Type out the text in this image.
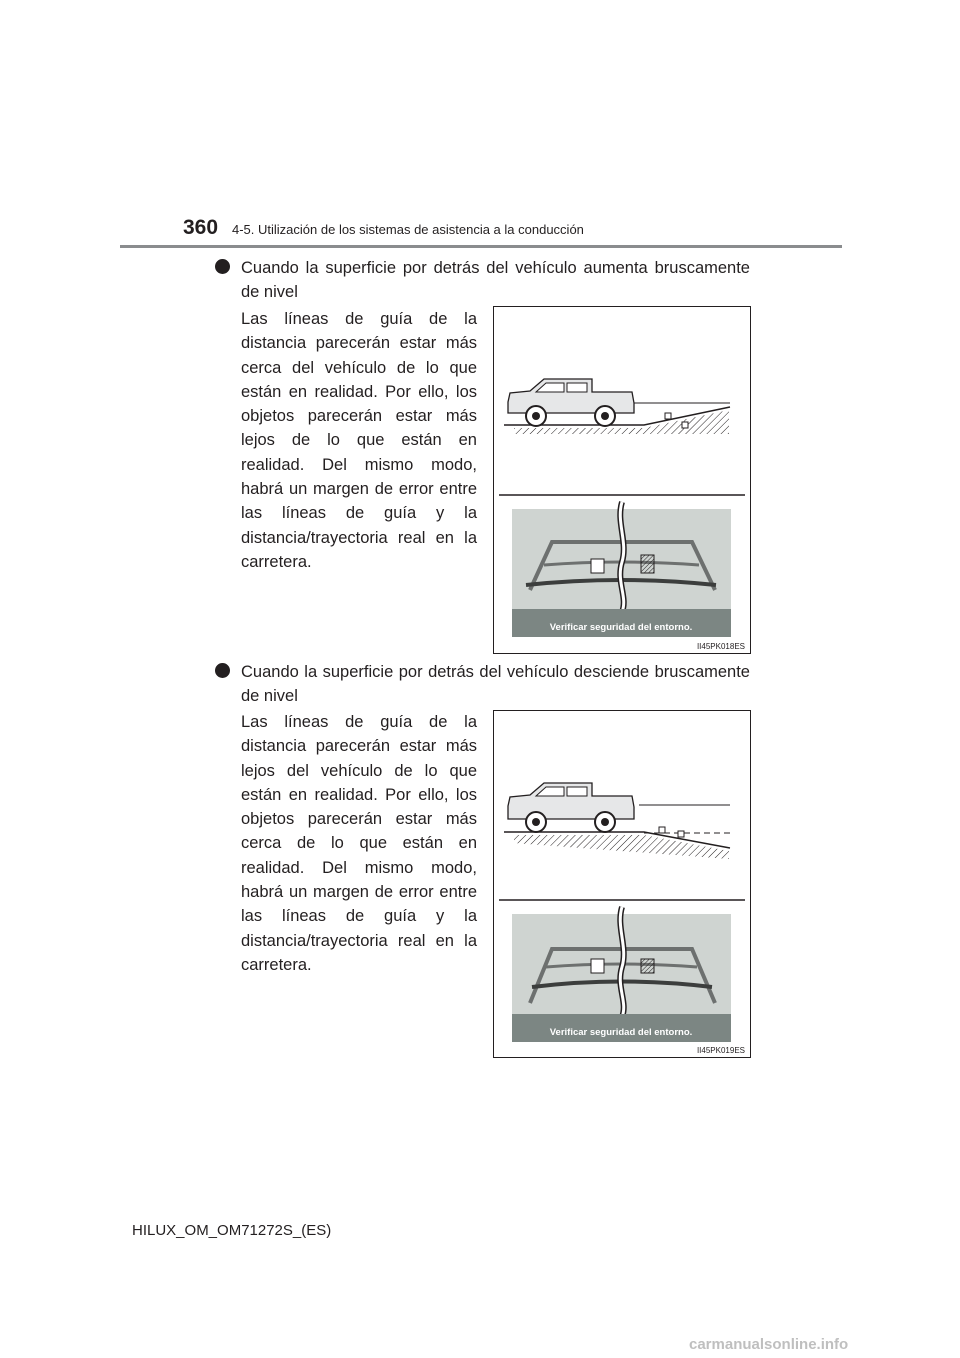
360 4-5. Utilización de los sistemas de asistencia a la conducción
Cuando la superficie por detrás del vehículo aumenta bruscamente de nivel
Las líneas de guía de la distancia parecerán estar más cerca del vehículo de lo que están en realidad. Por ello, los objetos parecerán estar más lejos de lo que están en realidad. Del mismo modo, habrá un margen de error entre las líneas de guía y la distancia/trayectoria real en la carretera.
Verificar seguridad del entorno.
II45PK018ES
Cuando la superficie por detrás del vehículo desciende bruscamente de nivel
Las líneas de guía de la distancia parecerán estar más lejos del vehículo de lo que están en realidad. Por ello, los objetos parecerán estar más cerca de lo que están en realidad. Del mismo modo, habrá un margen de error entre las líneas de guía y la distancia/trayectoria real en la carretera.
Verificar seguridad del entorno.
II45PK019ES
HILUX_OM_OM71272S_(ES)
carmanualsonline.info
